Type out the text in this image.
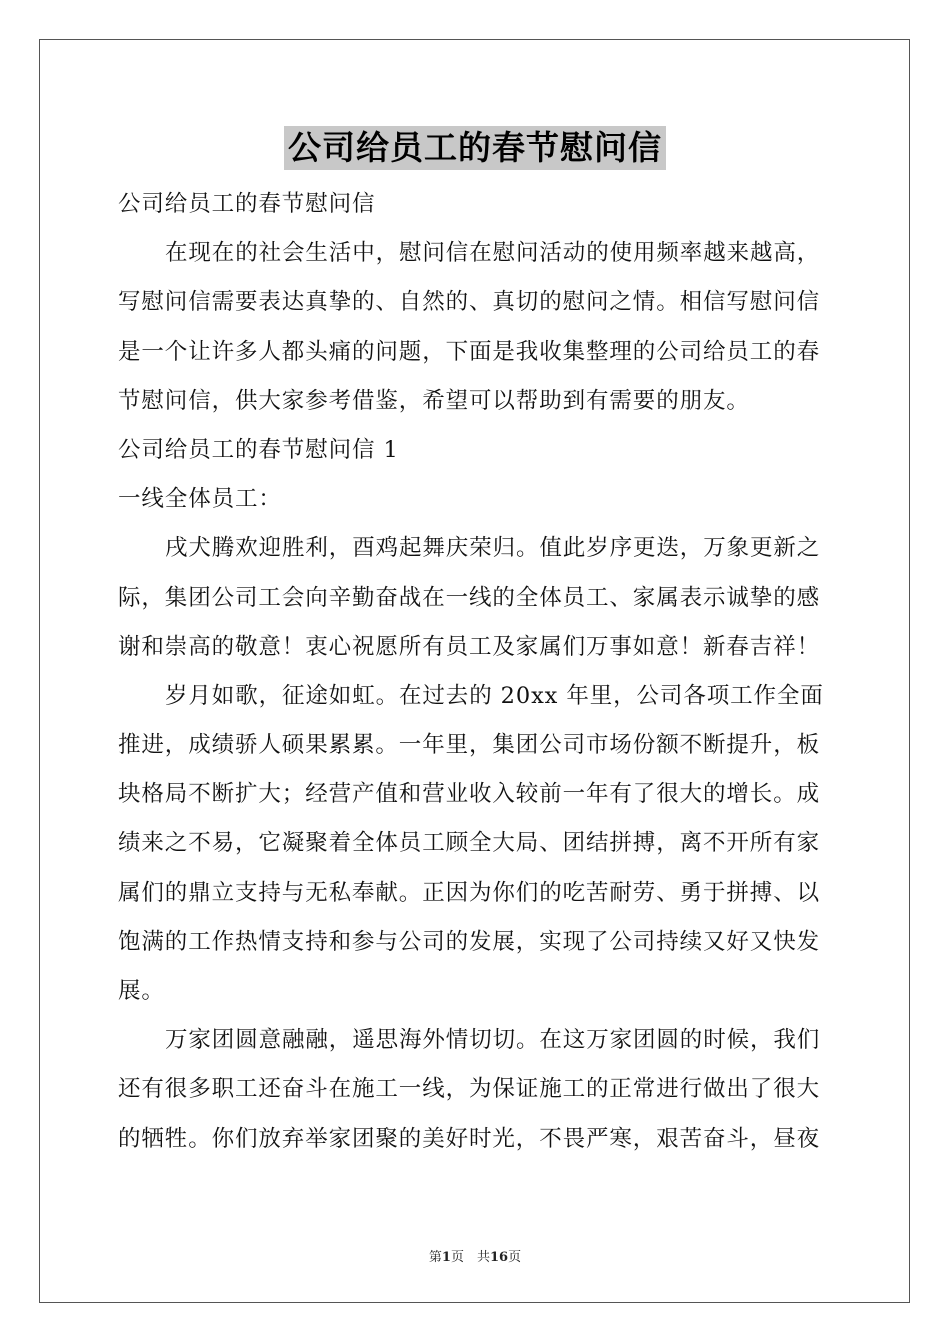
公司给员工的春节慰问信
公司给员工的春节慰问信
在现在的社会生活中，慰问信在慰问活动的使用频率越来越高，
写慰问信需要表达真挚的、自然的、真切的慰问之情。相信写慰问信
是一个让许多人都头痛的问题，下面是我收集整理的公司给员工的春
节慰问信，供大家参考借鉴，希望可以帮助到有需要的朋友。
公司给员工的春节慰问信 1
一线全体员工：
戌犬腾欢迎胜利，酉鸡起舞庆荣归。值此岁序更迭，万象更新之
际，集团公司工会向辛勤奋战在一线的全体员工、家属表示诚挚的感
谢和崇高的敬意！衷心祝愿所有员工及家属们万事如意！新春吉祥！
岁月如歌，征途如虹。在过去的 20xx 年里，公司各项工作全面
推进，成绩骄人硕果累累。一年里，集团公司市场份额不断提升，板
块格局不断扩大；经营产值和营业收入较前一年有了很大的增长。成
绩来之不易，它凝聚着全体员工顾全大局、团结拼搏，离不开所有家
属们的鼎立支持与无私奉献。正因为你们的吃苦耐劳、勇于拼搏、以
饱满的工作热情支持和参与公司的发展，实现了公司持续又好又快发
展。
万家团圆意融融，遥思海外情切切。在这万家团圆的时候，我们
还有很多职工还奋斗在施工一线，为保证施工的正常进行做出了很大
的牺牲。你们放弃举家团聚的美好时光，不畏严寒，艰苦奋斗，昼夜
第1页　共16页
